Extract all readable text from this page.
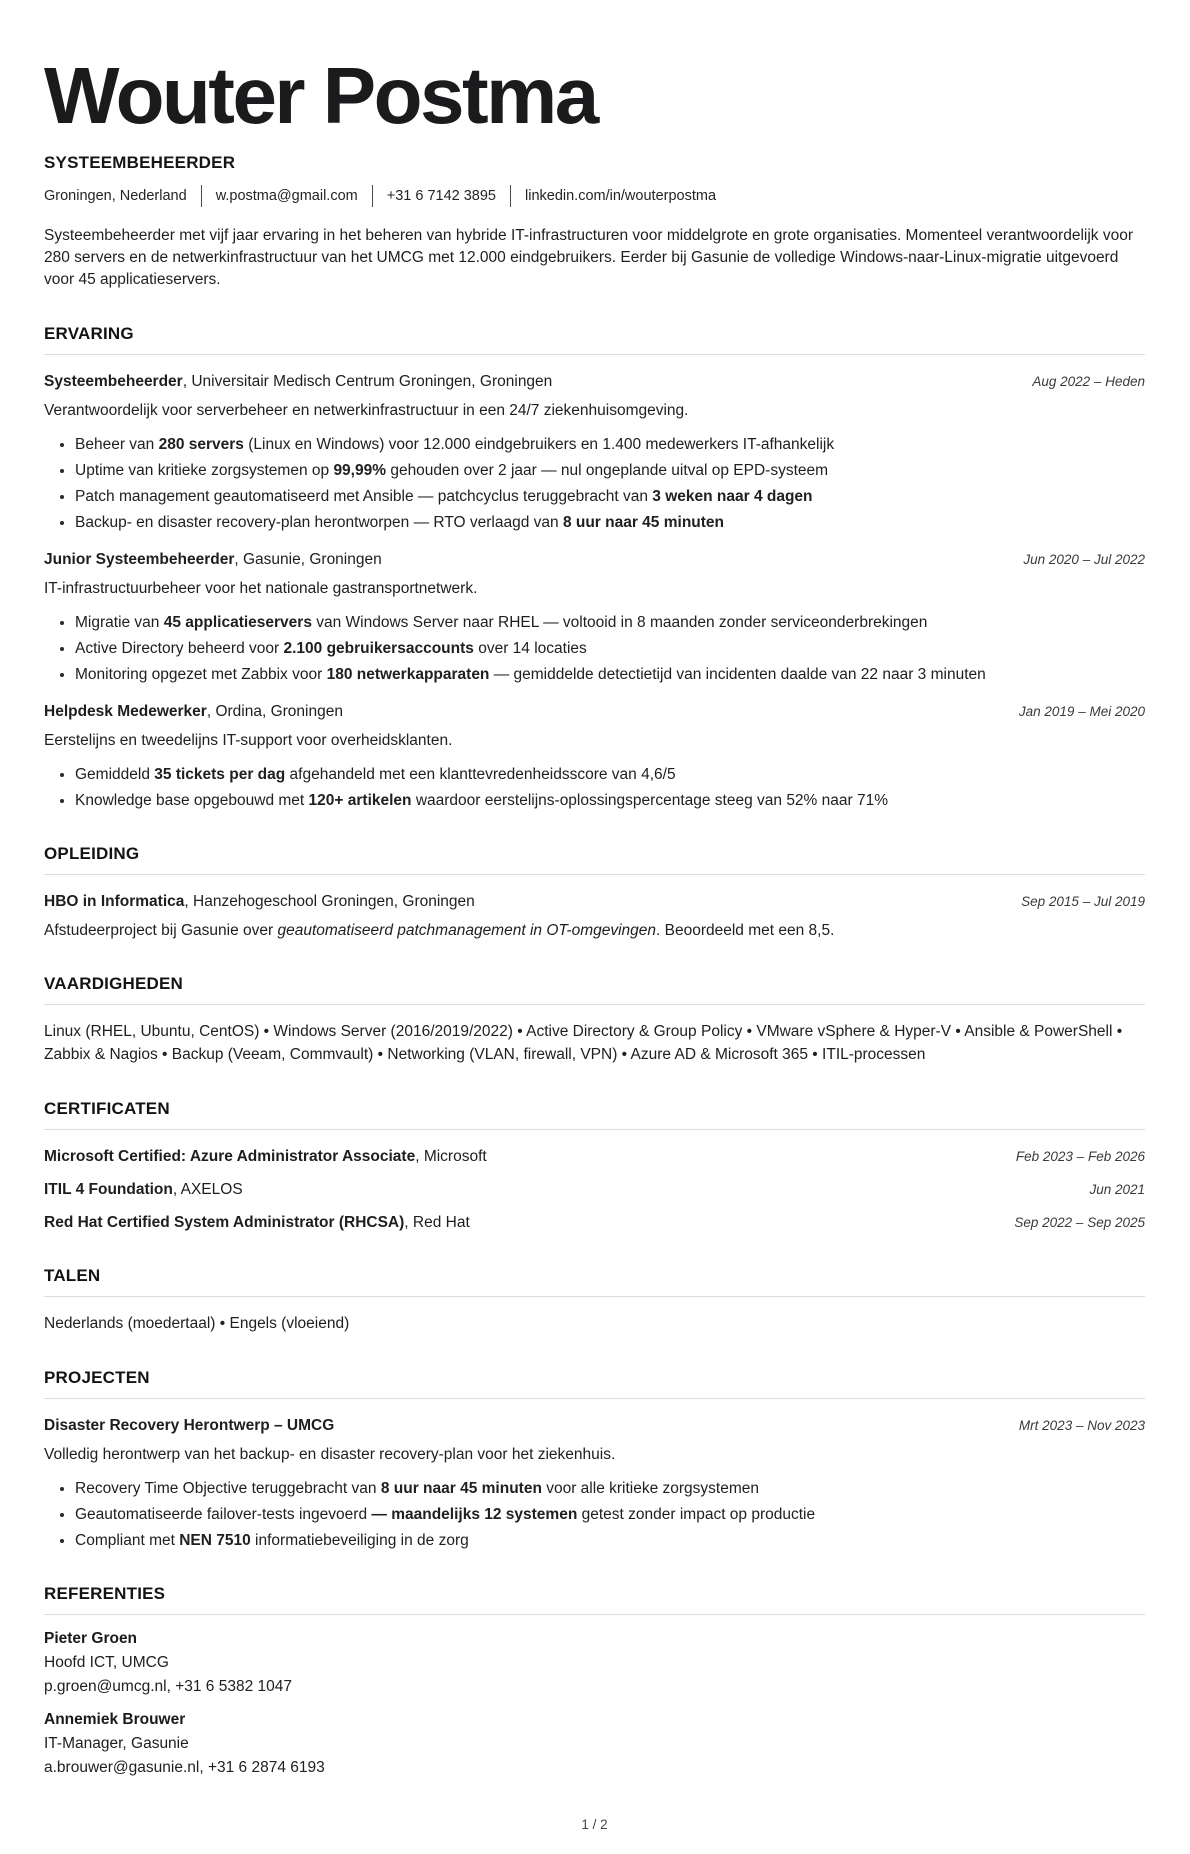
Wouter Postma
SYSTEEMBEHEERDER
Groningen, Nederland	w.postma@gmail.com	+31 6 7142 3895	linkedin.com/in/wouterpostma

Systeembeheerder met vijf jaar ervaring in het beheren van hybride IT-infrastructuren voor middelgrote en grote organisaties. Momenteel verantwoordelijk voor 280 servers en de netwerkinfrastructuur van het UMCG met 12.000 eindgebruikers. Eerder bij Gasunie de volledige Windows-naar-Linux-migratie uitgevoerd voor 45 applicatieservers.

ERVARING
Systeembeheerder, Universitair Medisch Centrum Groningen, Groningen	Aug 2022 – Heden

Verantwoordelijk voor serverbeheer en netwerkinfrastructuur in een 24/7 ziekenhuisomgeving.

• Beheer van 280 servers (Linux en Windows) voor 12.000 eindgebruikers en 1.400 medewerkers IT-afhankelijk
• Uptime van kritieke zorgsystemen op 99,99% gehouden over 2 jaar — nul ongeplande uitval op EPD-systeem
• Patch management geautomatiseerd met Ansible — patchcyclus teruggebracht van 3 weken naar 4 dagen
• Backup- en disaster recovery-plan herontworpen — RTO verlaagd van 8 uur naar 45 minuten
Junior Systeembeheerder, Gasunie, Groningen	Jun 2020 – Jul 2022

IT-infrastructuurbeheer voor het nationale gastransportnetwerk.

• Migratie van 45 applicatieservers van Windows Server naar RHEL — voltooid in 8 maanden zonder serviceonderbrekingen
• Active Directory beheerd voor 2.100 gebruikersaccounts over 14 locaties
• Monitoring opgezet met Zabbix voor 180 netwerkapparaten — gemiddelde detectietijd van incidenten daalde van 22 naar 3 minuten
Helpdesk Medewerker, Ordina, Groningen	Jan 2019 – Mei 2020

Eerstelijns en tweedelijns IT-support voor overheidsklanten.

• Gemiddeld 35 tickets per dag afgehandeld met een klanttevredenheidsscore van 4,6/5
• Knowledge base opgebouwd met 120+ artikelen waardoor eerstelijns-oplossingspercentage steeg van 52% naar 71%
OPLEIDING
HBO in Informatica, Hanzehogeschool Groningen, Groningen	Sep 2015 – Jul 2019

Afstudeerproject bij Gasunie over geautomatiseerd patchmanagement in OT-omgevingen. Beoordeeld met een 8,5.

VAARDIGHEDEN

Linux (RHEL, Ubuntu, CentOS) • Windows Server (2016/2019/2022) • Active Directory & Group Policy • VMware vSphere & Hyper-V • Ansible & PowerShell • Zabbix & Nagios • Backup (Veeam, Commvault) • Networking (VLAN, firewall, VPN) • Azure AD & Microsoft 365 • ITIL-processen

CERTIFICATEN
Microsoft Certified: Azure Administrator Associate, Microsoft	Feb 2023 – Feb 2026
ITIL 4 Foundation, AXELOS	Jun 2021
Red Hat Certified System Administrator (RHCSA), Red Hat	Sep 2022 – Sep 2025
TALEN

Nederlands (moedertaal) • Engels (vloeiend)

PROJECTEN
Disaster Recovery Herontwerp – UMCG	Mrt 2023 – Nov 2023

Volledig herontwerp van het backup- en disaster recovery-plan voor het ziekenhuis.

• Recovery Time Objective teruggebracht van 8 uur naar 45 minuten voor alle kritieke zorgsystemen
• Geautomatiseerde failover-tests ingevoerd — maandelijks 12 systemen getest zonder impact op productie
• Compliant met NEN 7510 informatiebeveiliging in de zorg
REFERENTIES
Pieter Groen
Hoofd ICT, UMCG
p.groen@umcg.nl, +31 6 5382 1047
Annemiek Brouwer
IT-Manager, Gasunie
a.brouwer@gasunie.nl, +31 6 2874 6193
1 / 2
